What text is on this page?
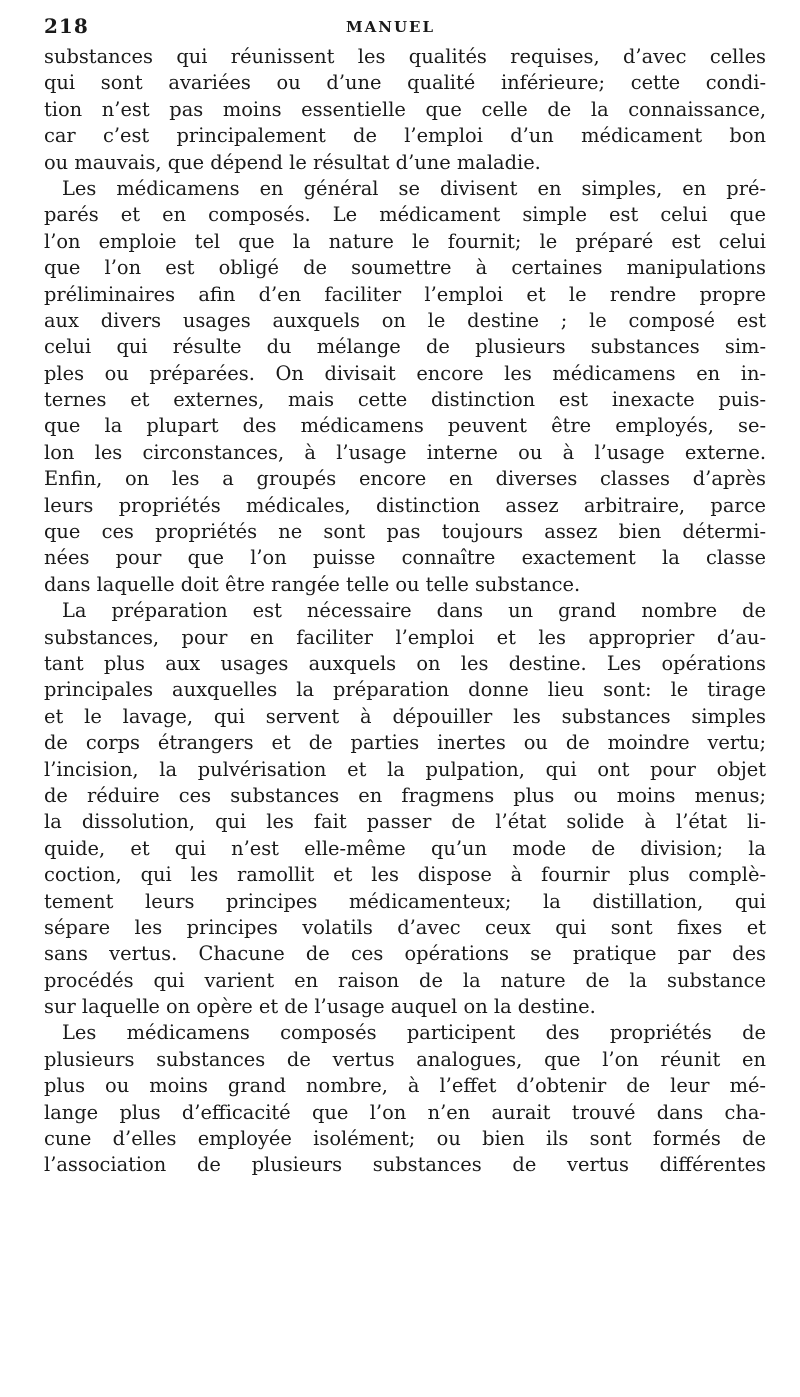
218	MANUEL
substances qui réunissent les qualités requises, d’avec celles
qui sont avariées ou d’une qualité inférieure; cette condi-
tion n’est pas moins essentielle que celle de la connaissance,
car c’est principalement de l’emploi d’un médicament bon
ou mauvais, que dépend le résultat d’une maladie.
Les médicamens en général se divisent en simples, en pré-
parés et en composés. Le médicament simple est celui que
l’on emploie tel que la nature le fournit; le préparé est celui
que l’on est obligé de soumettre à certaines manipulations
préliminaires afin d’en faciliter l’emploi et le rendre propre
aux divers usages auxquels on le destine ; le composé est
celui qui résulte du mélange de plusieurs substances sim-
ples ou préparées. On divisait encore les médicamens en in-
ternes et externes, mais cette distinction est inexacte puis-
que la plupart des médicamens peuvent être employés, se-
lon les circonstances, à l’usage interne ou à l’usage externe.
Enfin, on les a groupés encore en diverses classes d’après
leurs propriétés médicales, distinction assez arbitraire, parce
que ces propriétés ne sont pas toujours assez bien détermi-
nées pour que l’on puisse connaître exactement la classe
dans laquelle doit être rangée telle ou telle substance.
La préparation est nécessaire dans un grand nombre de
substances, pour en faciliter l’emploi et les approprier d’au-
tant plus aux usages auxquels on les destine. Les opérations
principales auxquelles la préparation donne lieu sont: le tirage
et le lavage, qui servent à dépouiller les substances simples
de corps étrangers et de parties inertes ou de moindre vertu;
l’incision, la pulvérisation et la pulpation, qui ont pour objet
de réduire ces substances en fragmens plus ou moins menus;
la dissolution, qui les fait passer de l’état solide à l’état li-
quide, et qui n’est elle-même qu’un mode de division; la
coction, qui les ramollit et les dispose à fournir plus complè-
tement leurs principes médicamenteux; la distillation, qui
sépare les principes volatils d’avec ceux qui sont fixes et
sans vertus. Chacune de ces opérations se pratique par des
procédés qui varient en raison de la nature de la substance
sur laquelle on opère et de l’usage auquel on la destine.
Les médicamens composés participent des propriétés de
plusieurs substances de vertus analogues, que l’on réunit en
plus ou moins grand nombre, à l’effet d’obtenir de leur mé-
lange plus d’efficacité que l’on n’en aurait trouvé dans cha-
cune d’elles employée isolément; ou bien ils sont formés de
l’association de plusieurs substances de vertus différentes
